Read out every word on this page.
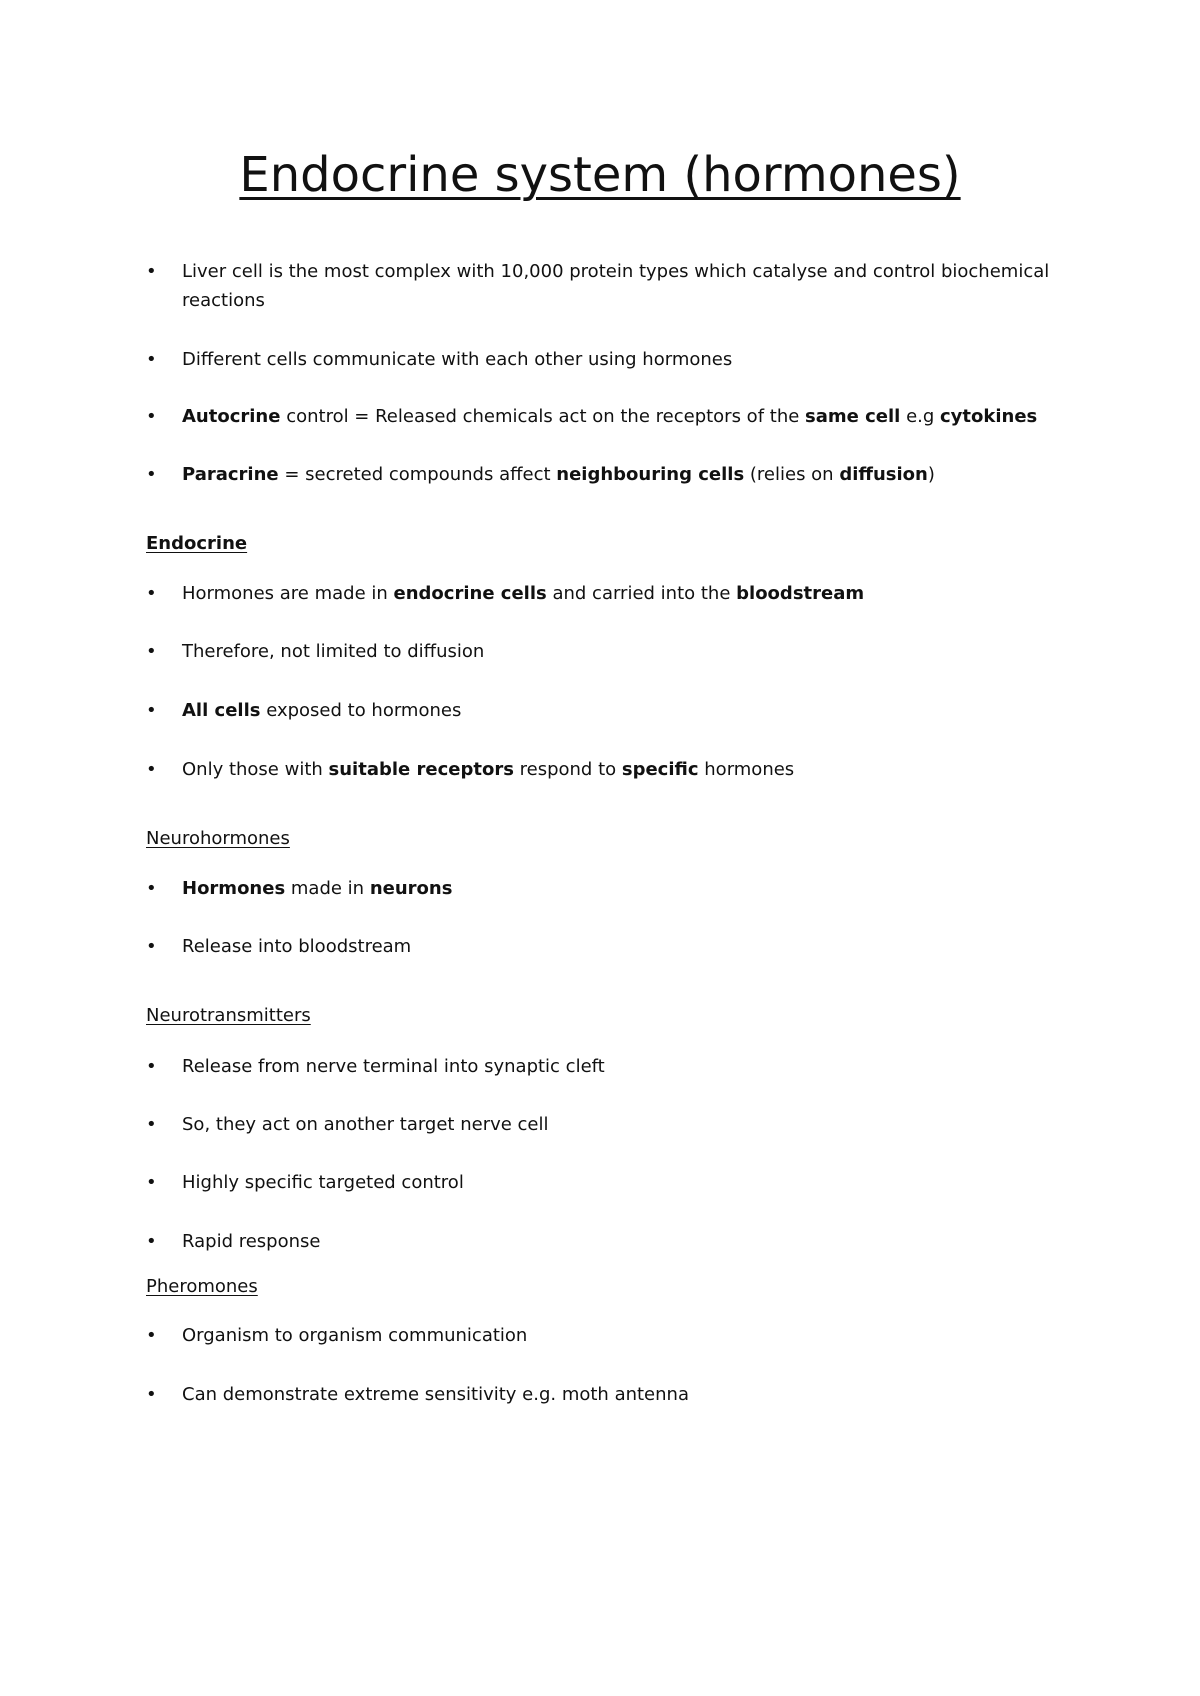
Endocrine system (hormones)
•	Liver cell is the most complex with 10,000 protein types which catalyse and control biochemical reactions
•	Different cells communicate with each other using hormones
•	Autocrine control = Released chemicals act on the receptors of the same cell e.g cytokines
•	Paracrine = secreted compounds affect neighbouring cells (relies on diffusion)
Endocrine
•	Hormones are made in endocrine cells and carried into the bloodstream
•	Therefore, not limited to diffusion
•	All cells exposed to hormones
•	Only those with suitable receptors respond to specific hormones
Neurohormones
•	Hormones made in neurons
•	Release into bloodstream
Neurotransmitters
•	Release from nerve terminal into synaptic cleft
•	So, they act on another target nerve cell
•	Highly specific targeted control
•	Rapid response
Pheromones
•	Organism to organism communication
•	Can demonstrate extreme sensitivity e.g. moth antenna
